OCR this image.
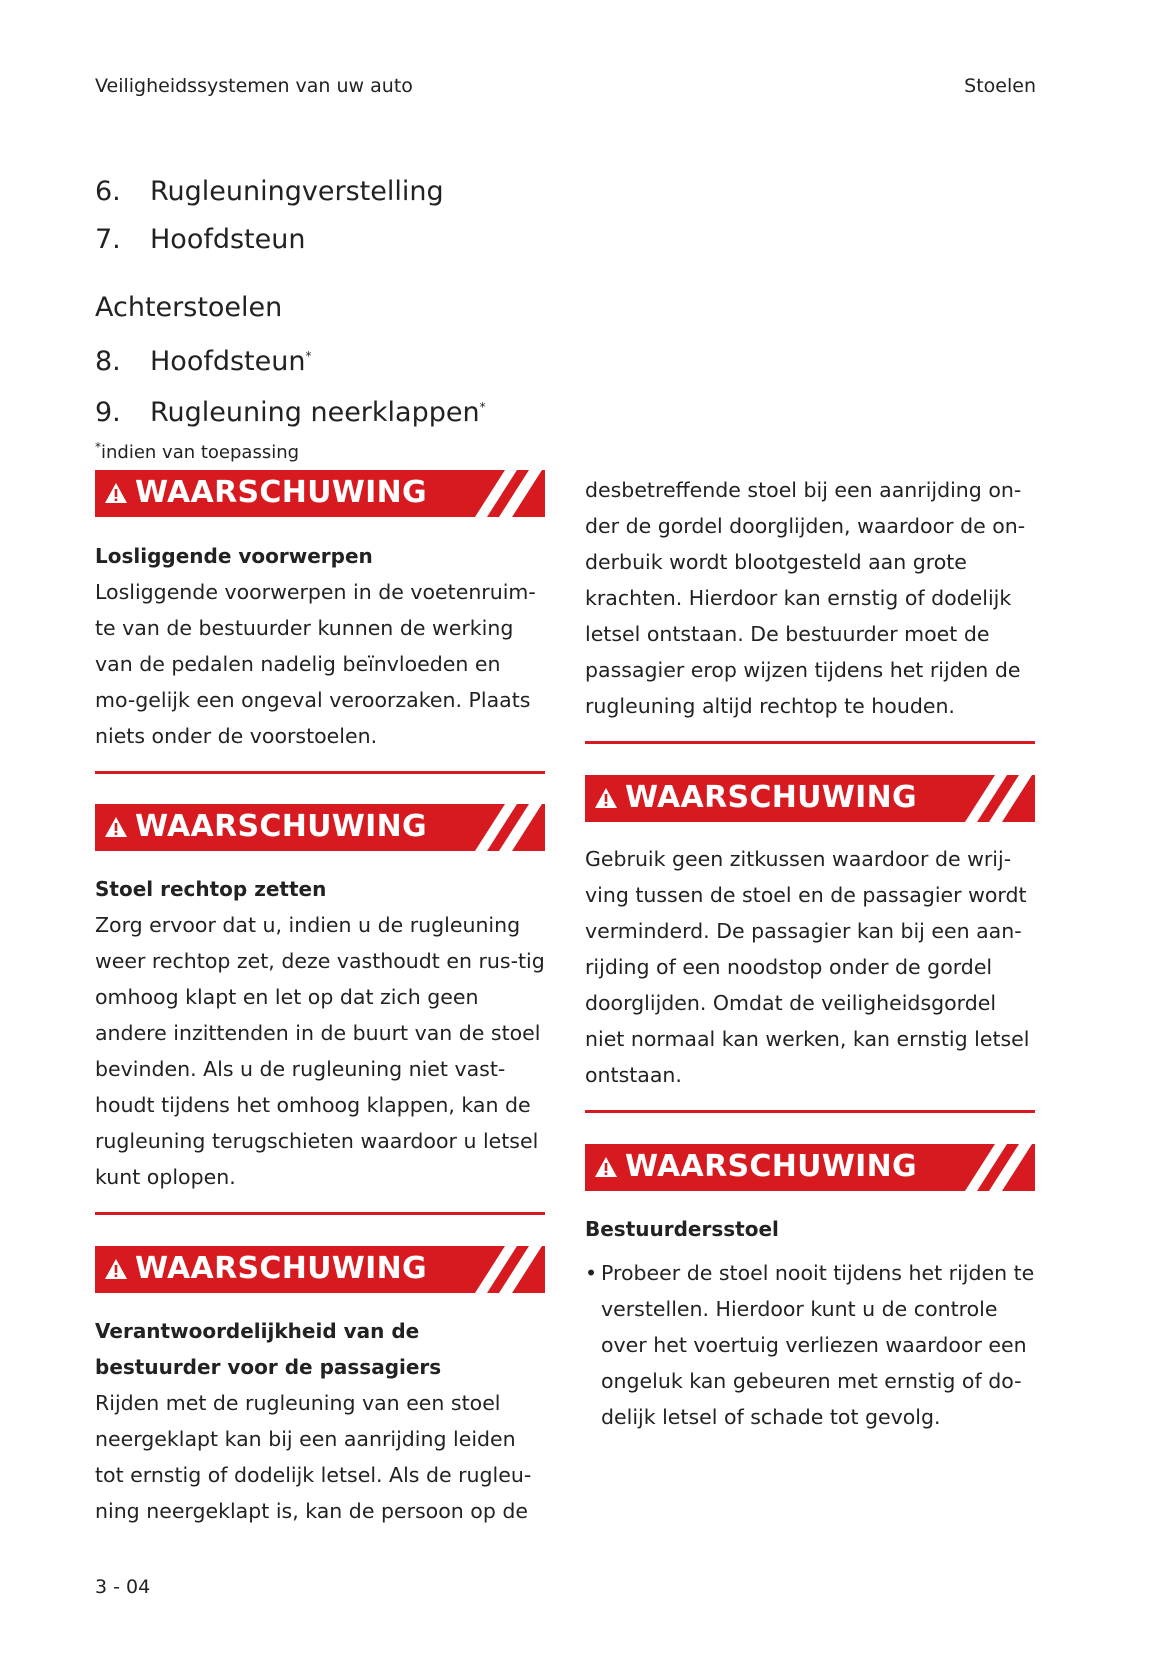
Veiligheidssystemen van uw auto	Stoelen
6. Rugleuningverstelling
7. Hoofdsteun
Achterstoelen
8. Hoofdsteun*
9. Rugleuning neerklappen*
*indien van toepassing
WAARSCHUWING
Losliggende voorwerpen

Losliggende voorwerpen in de voetenruim-te van de bestuurder kunnen de werking van de pedalen nadelig beïnvloeden en mo-gelijk een ongeval veroorzaken. Plaats niets onder de voorstoelen.

WAARSCHUWING
Stoel rechtop zetten

Zorg ervoor dat u, indien u de rugleuning weer rechtop zet, deze vasthoudt en rus-tig omhoog klapt en let op dat zich geen andere inzittenden in de buurt van de stoel bevinden. Als u de rugleuning niet vast-houdt tijdens het omhoog klappen, kan de rugleuning terugschieten waardoor u letsel kunt oplopen.

WAARSCHUWING
Verantwoordelijkheid van de bestuurder voor de passagiers

Rijden met de rugleuning van een stoel neergeklapt kan bij een aanrijding leiden tot ernstig of dodelijk letsel. Als de rugleu-ning neergeklapt is, kan de persoon op de

desbetreffende stoel bij een aanrijding on-der de gordel doorglijden, waardoor de on-derbuik wordt blootgesteld aan grote krachten. Hierdoor kan ernstig of dodelijk letsel ontstaan. De bestuurder moet de passagier erop wijzen tijdens het rijden de rugleuning altijd rechtop te houden.

WAARSCHUWING

Gebruik geen zitkussen waardoor de wrij-ving tussen de stoel en de passagier wordt verminderd. De passagier kan bij een aan-rijding of een noodstop onder de gordel doorglijden. Omdat de veiligheidsgordel niet normaal kan werken, kan ernstig letsel ontstaan.

WAARSCHUWING
Bestuurdersstoel
• Probeer de stoel nooit tijdens het rijden te verstellen. Hierdoor kunt u de controle over het voertuig verliezen waardoor een ongeluk kan gebeuren met ernstig of do-delijk letsel of schade tot gevolg.
3 - 04
